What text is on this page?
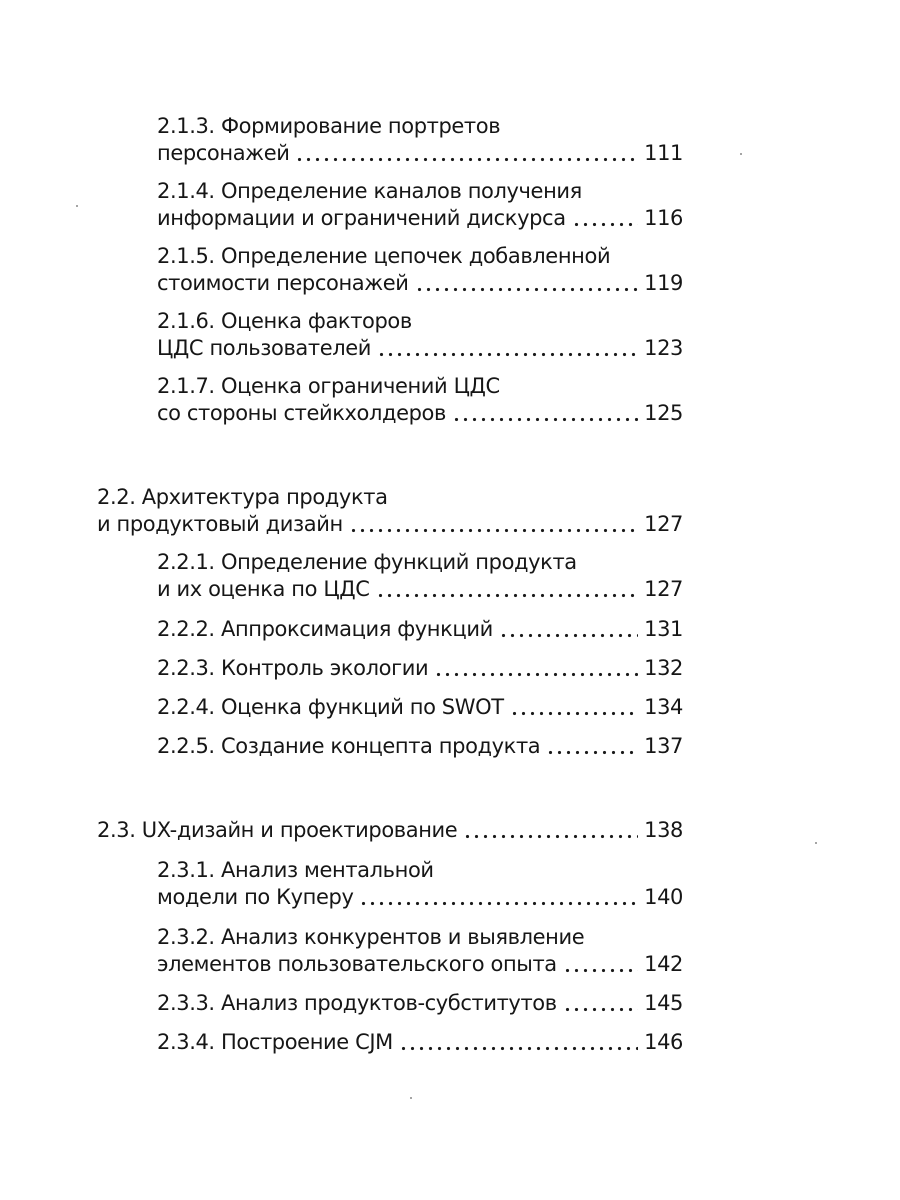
2.1.3. Формирование портретов
персонажей	111
2.1.4. Определение каналов получения
информации и ограничений дискурса	116
2.1.5. Определение цепочек добавленной
стоимости персонажей	119
2.1.6. Оценка факторов
ЦДС пользователей	123
2.1.7. Оценка ограничений ЦДС
со стороны стейкхолдеров	125
2.2. Архитектура продукта
и продуктовый дизайн	127
2.2.1. Определение функций продукта
и их оценка по ЦДС	127
2.2.2. Аппроксимация функций	131
2.2.3. Контроль экологии	132
2.2.4. Оценка функций по SWOT	134
2.2.5. Создание концепта продукта	137
2.3. UX-дизайн и проектирование	138
2.3.1. Анализ ментальной
модели по Куперу	140
2.3.2. Анализ конкурентов и выявление
элементов пользовательского опыта	142
2.3.3. Анализ продуктов-субститутов	145
2.3.4. Построение CJM	146
